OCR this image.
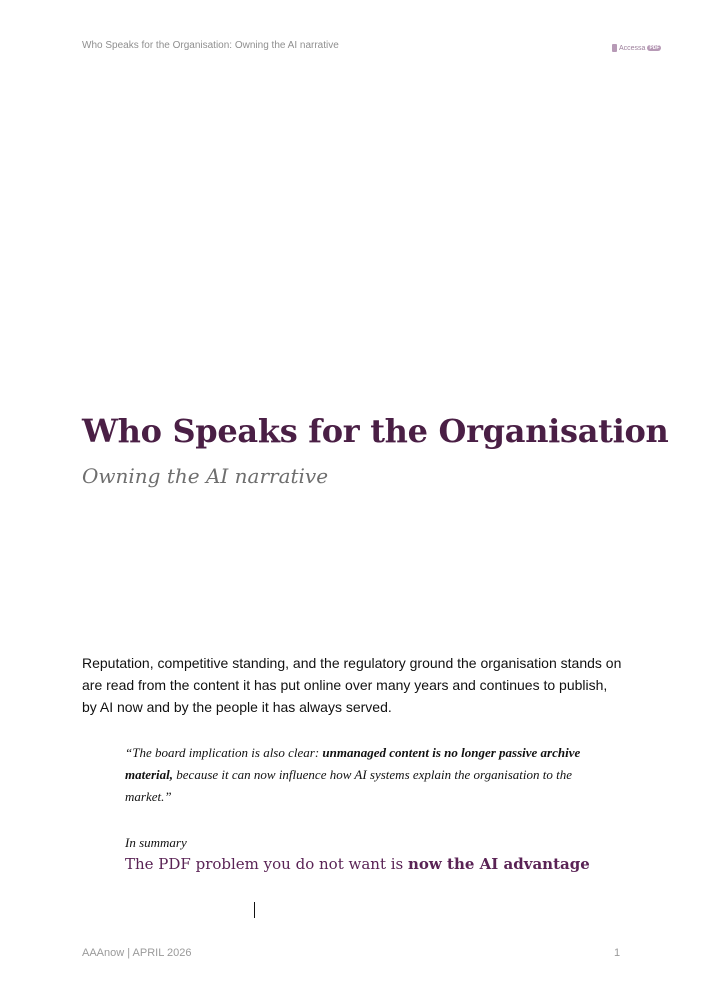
Who Speaks for the Organisation: Owning the AI narrative	Accessa PDF
Who Speaks for the Organisation
Owning the AI narrative

Reputation, competitive standing, and the regulatory ground the organisation stands on are read from the content it has put online over many years and continues to publish, by AI now and by the people it has always served.

“The board implication is also clear: unmanaged content is no longer passive archive material, because it can now influence how AI systems explain the organisation to the market.”

In summary

The PDF problem you do not want is now the AI advantage

AAAnow | APRIL 2026	1
